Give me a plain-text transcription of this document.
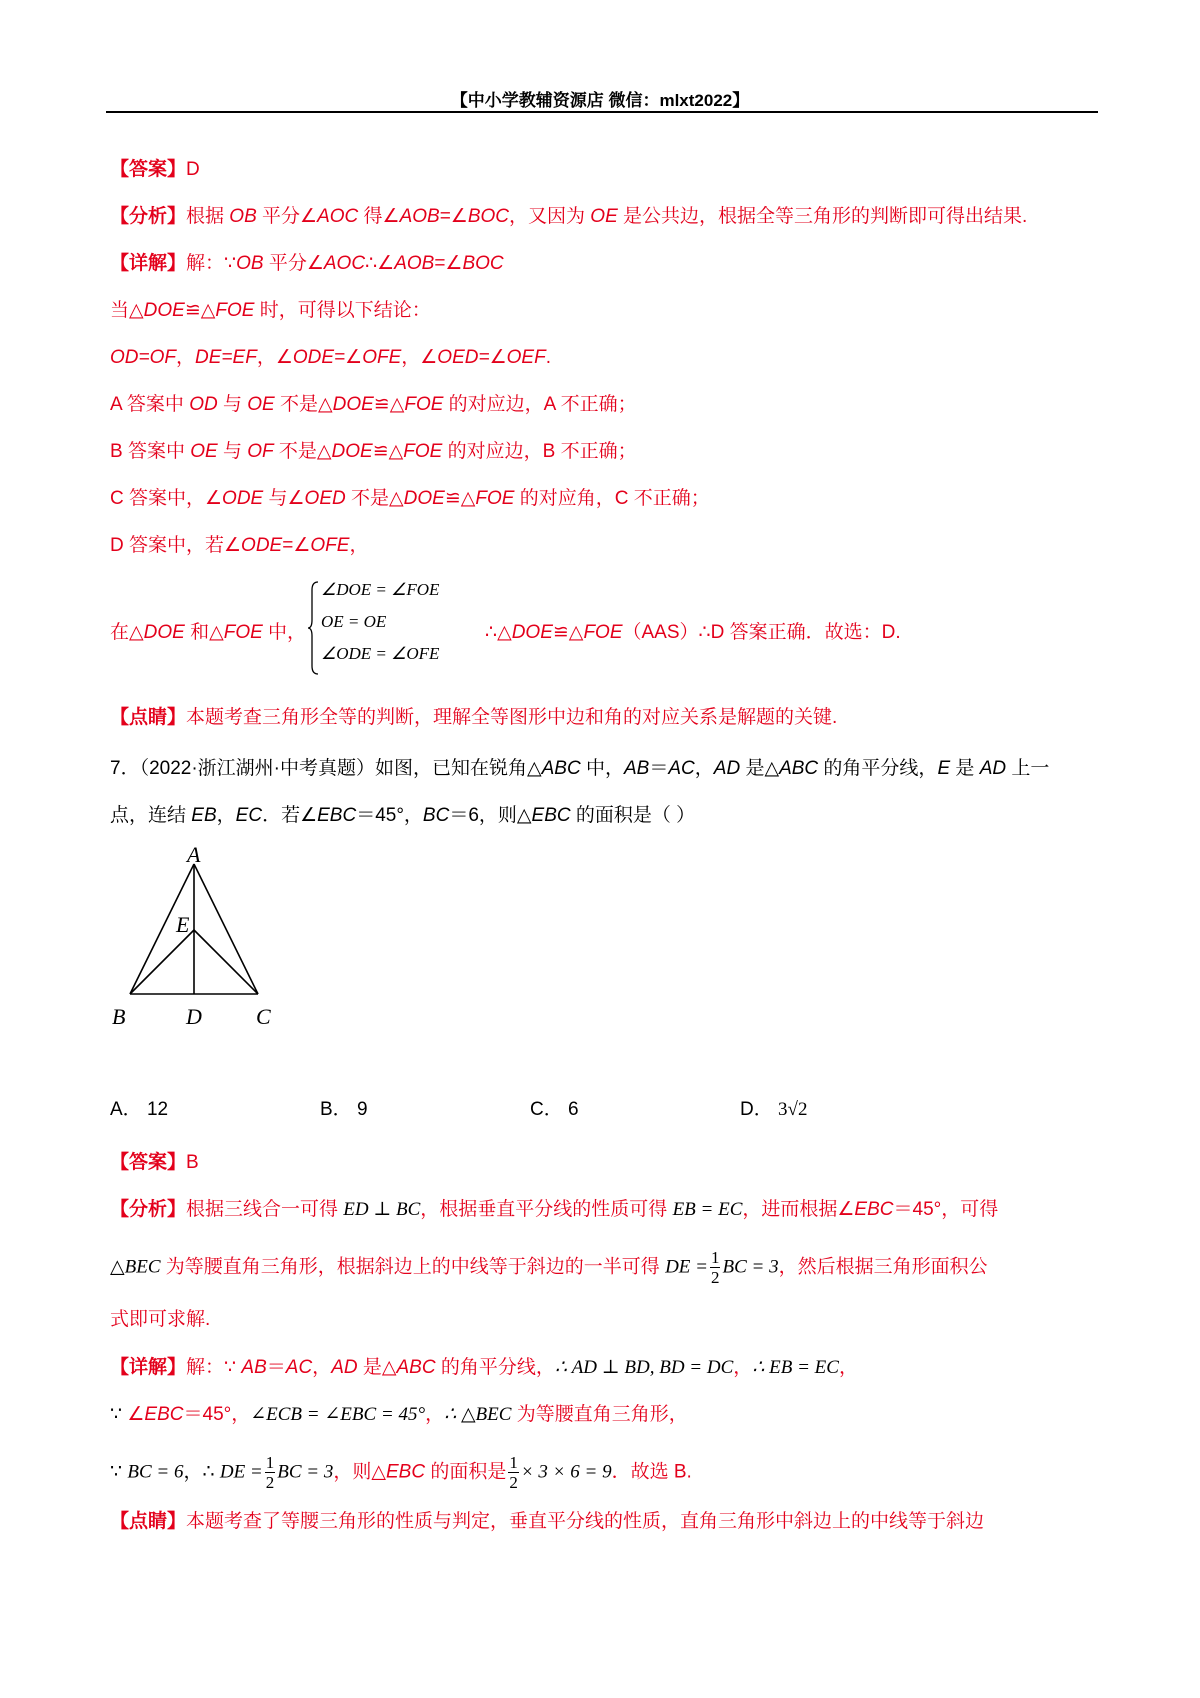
【中小学教辅资源店 微信：mlxt2022】
【答案】D
【分析】根据 OB 平分∠AOC 得∠AOB=∠BOC，又因为 OE 是公共边，根据全等三角形的判断即可得出结果.
【详解】解：∵OB 平分∠AOC∴∠AOB=∠BOC
当△DOE≌△FOE 时，可得以下结论：
OD=OF，DE=EF，∠ODE=∠OFE，∠OED=∠OEF.
A 答案中 OD 与 OE 不是△DOE≌△FOE 的对应边，A 不正确；
B 答案中 OE 与 OF 不是△DOE≌△FOE 的对应边，B 不正确；
C 答案中，∠ODE 与∠OED 不是△DOE≌△FOE 的对应角，C 不正确；
D 答案中，若∠ODE=∠OFE，
在△DOE 和△FOE 中，
∠DOE = ∠FOE
OE = OE
∠ODE = ∠OFE
∴△DOE≌△FOE（AAS）∴D 答案正确．故选：D.
【点睛】本题考查三角形全等的判断，理解全等图形中边和角的对应关系是解题的关键.
7．（2022·浙江湖州·中考真题）如图，已知在锐角△ABC 中，AB＝AC，AD 是△ABC 的角平分线，E 是 AD 上一
点，连结 EB，EC．若∠EBC＝45°，BC＝6，则△EBC 的面积是（ ）
A
E
B	D C
A． 12	B． 9	C． 6	D． 3√2
【答案】B
【分析】根据三线合一可得 ED ⊥ BC，根据垂直平分线的性质可得 EB = EC，进而根据∠EBC＝45°，可得
△BEC 为等腰直角三角形，根据斜边上的中线等于斜边的一半可得 DE = $\frac{1}{2}$ BC = 3，然后根据三角形面积公
式即可求解.
【详解】解：∵ AB＝AC，AD 是△ABC 的角平分线，∴ AD ⊥ BD, BD = DC，∴ EB = EC，
∵ ∠EBC＝45°，∠ECB = ∠EBC = 45°，∴ △BEC 为等腰直角三角形，
∵ BC = 6，∴ DE = $\frac{1}{2}$ BC = 3，则△EBC 的面积是 $\frac{1}{2} \times 3 \times 6 = 9$．故选 B.
【点睛】本题考查了等腰三角形的性质与判定，垂直平分线的性质，直角三角形中斜边上的中线等于斜边
